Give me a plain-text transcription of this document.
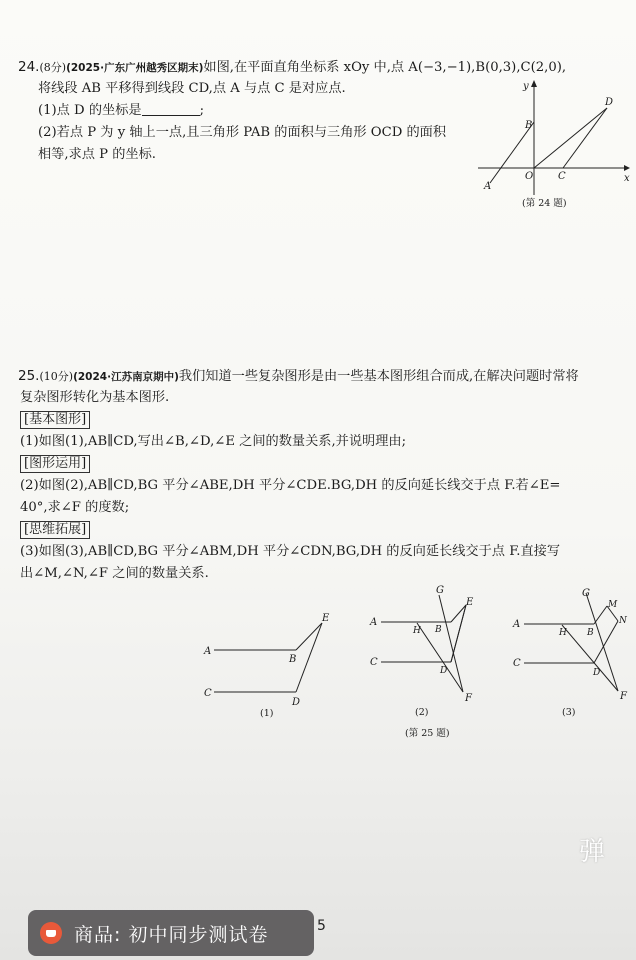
24.(8分)(2025·广东广州越秀区期末)如图,在平面直角坐标系 xOy 中,点 A(−3,−1),B(0,3),C(2,0),
将线段 AB 平移得到线段 CD,点 A 与点 C 是对应点.
(1)点 D 的坐标是	;
(2)若点 P 为 y 轴上一点,且三角形 PAB 的面积与三角形 OCD 的面积
相等,求点 P 的坐标.
x
y
A
B
O C
D
(第 24 题)
25.(10分)(2024·江苏南京期中)我们知道一些复杂图形是由一些基本图形组合而成,在解决问题时常将
复杂图形转化为基本图形.
[基本图形]
(1)如图(1),AB∥CD,写出∠B,∠D,∠E 之间的数量关系,并说明理由;
[图形运用]
(2)如图(2),AB∥CD,BG 平分∠ABE,DH 平分∠CDE.BG,DH 的反向延长线交于点 F.若∠E=
40°,求∠F 的度数;
[思维拓展]
(3)如图(3),AB∥CD,BG 平分∠ABM,DH 平分∠CDN,BG,DH 的反向延长线交于点 F.直接写
出∠M,∠N,∠F 之间的数量关系.
A
B
C
D
E
(1)
G
E
A
H B
C
D
F
(2)
G
M
N
A
H B
C
D
F
(3)
(第 25 题)
弹
商品: 初中同步测试卷	5
